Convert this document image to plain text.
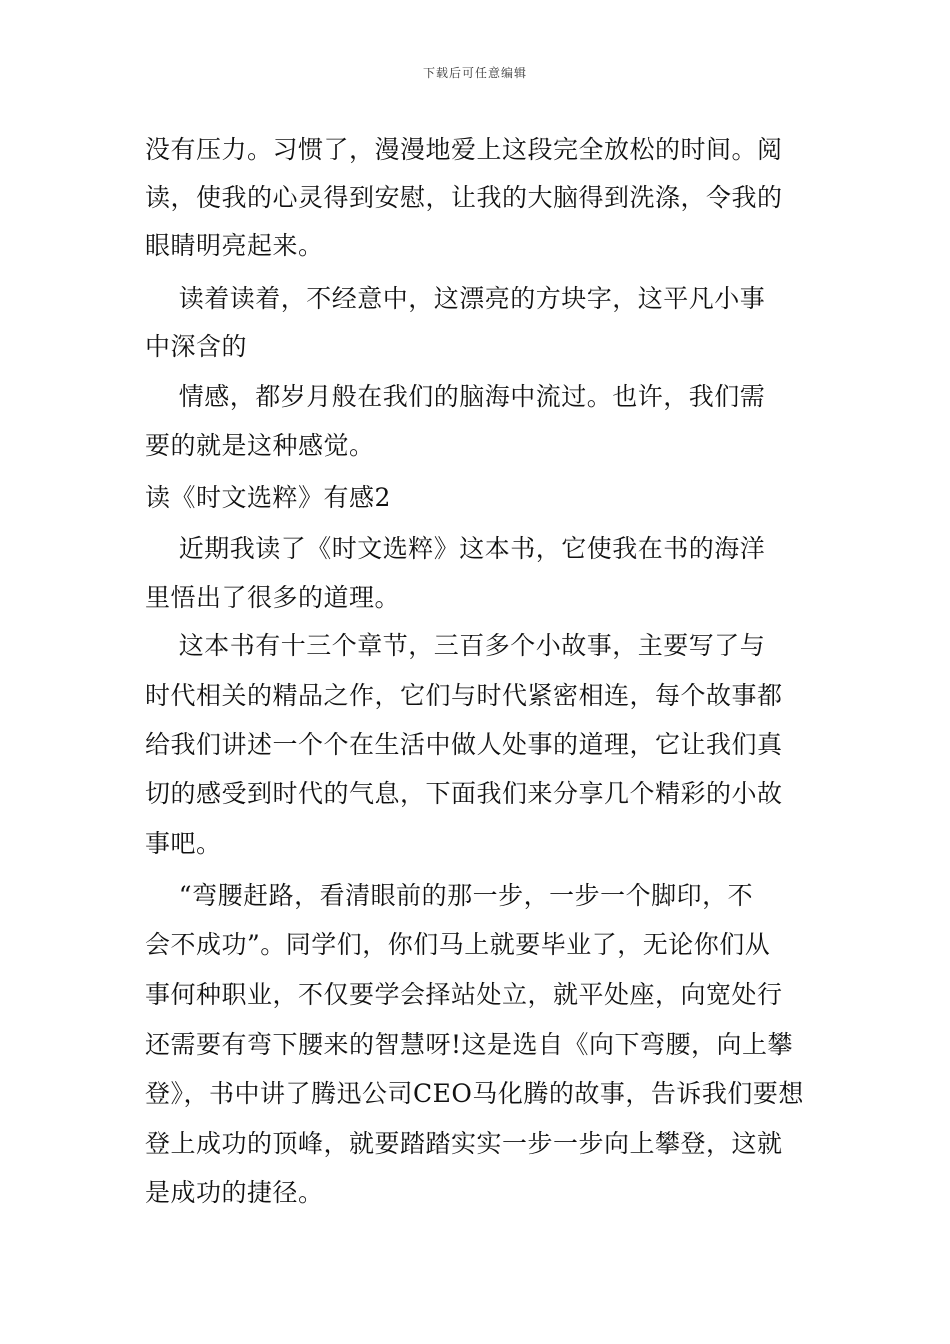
下载后可任意编辑
没有压力。习惯了，漫漫地爱上这段完全放松的时间。阅
读，使我的心灵得到安慰，让我的大脑得到洗涤，令我的
眼睛明亮起来。
读着读着，不经意中，这漂亮的方块字，这平凡小事
中深含的
情感，都岁月般在我们的脑海中流过。也许，我们需
要的就是这种感觉。
读《时文选粹》有感2
近期我读了《时文选粹》这本书，它使我在书的海洋
里悟出了很多的道理。
这本书有十三个章节，三百多个小故事，主要写了与
时代相关的精品之作，它们与时代紧密相连，每个故事都
给我们讲述一个个在生活中做人处事的道理，它让我们真
切的感受到时代的气息，下面我们来分享几个精彩的小故
事吧。
“弯腰赶路，看清眼前的那一步，一步一个脚印，不
会不成功”。同学们，你们马上就要毕业了，无论你们从
事何种职业，不仅要学会择站处立，就平处座，向宽处行
还需要有弯下腰来的智慧呀!这是选自《向下弯腰，向上攀
登》，书中讲了腾迅公司CEO马化腾的故事，告诉我们要想
登上成功的顶峰，就要踏踏实实一步一步向上攀登，这就
是成功的捷径。
